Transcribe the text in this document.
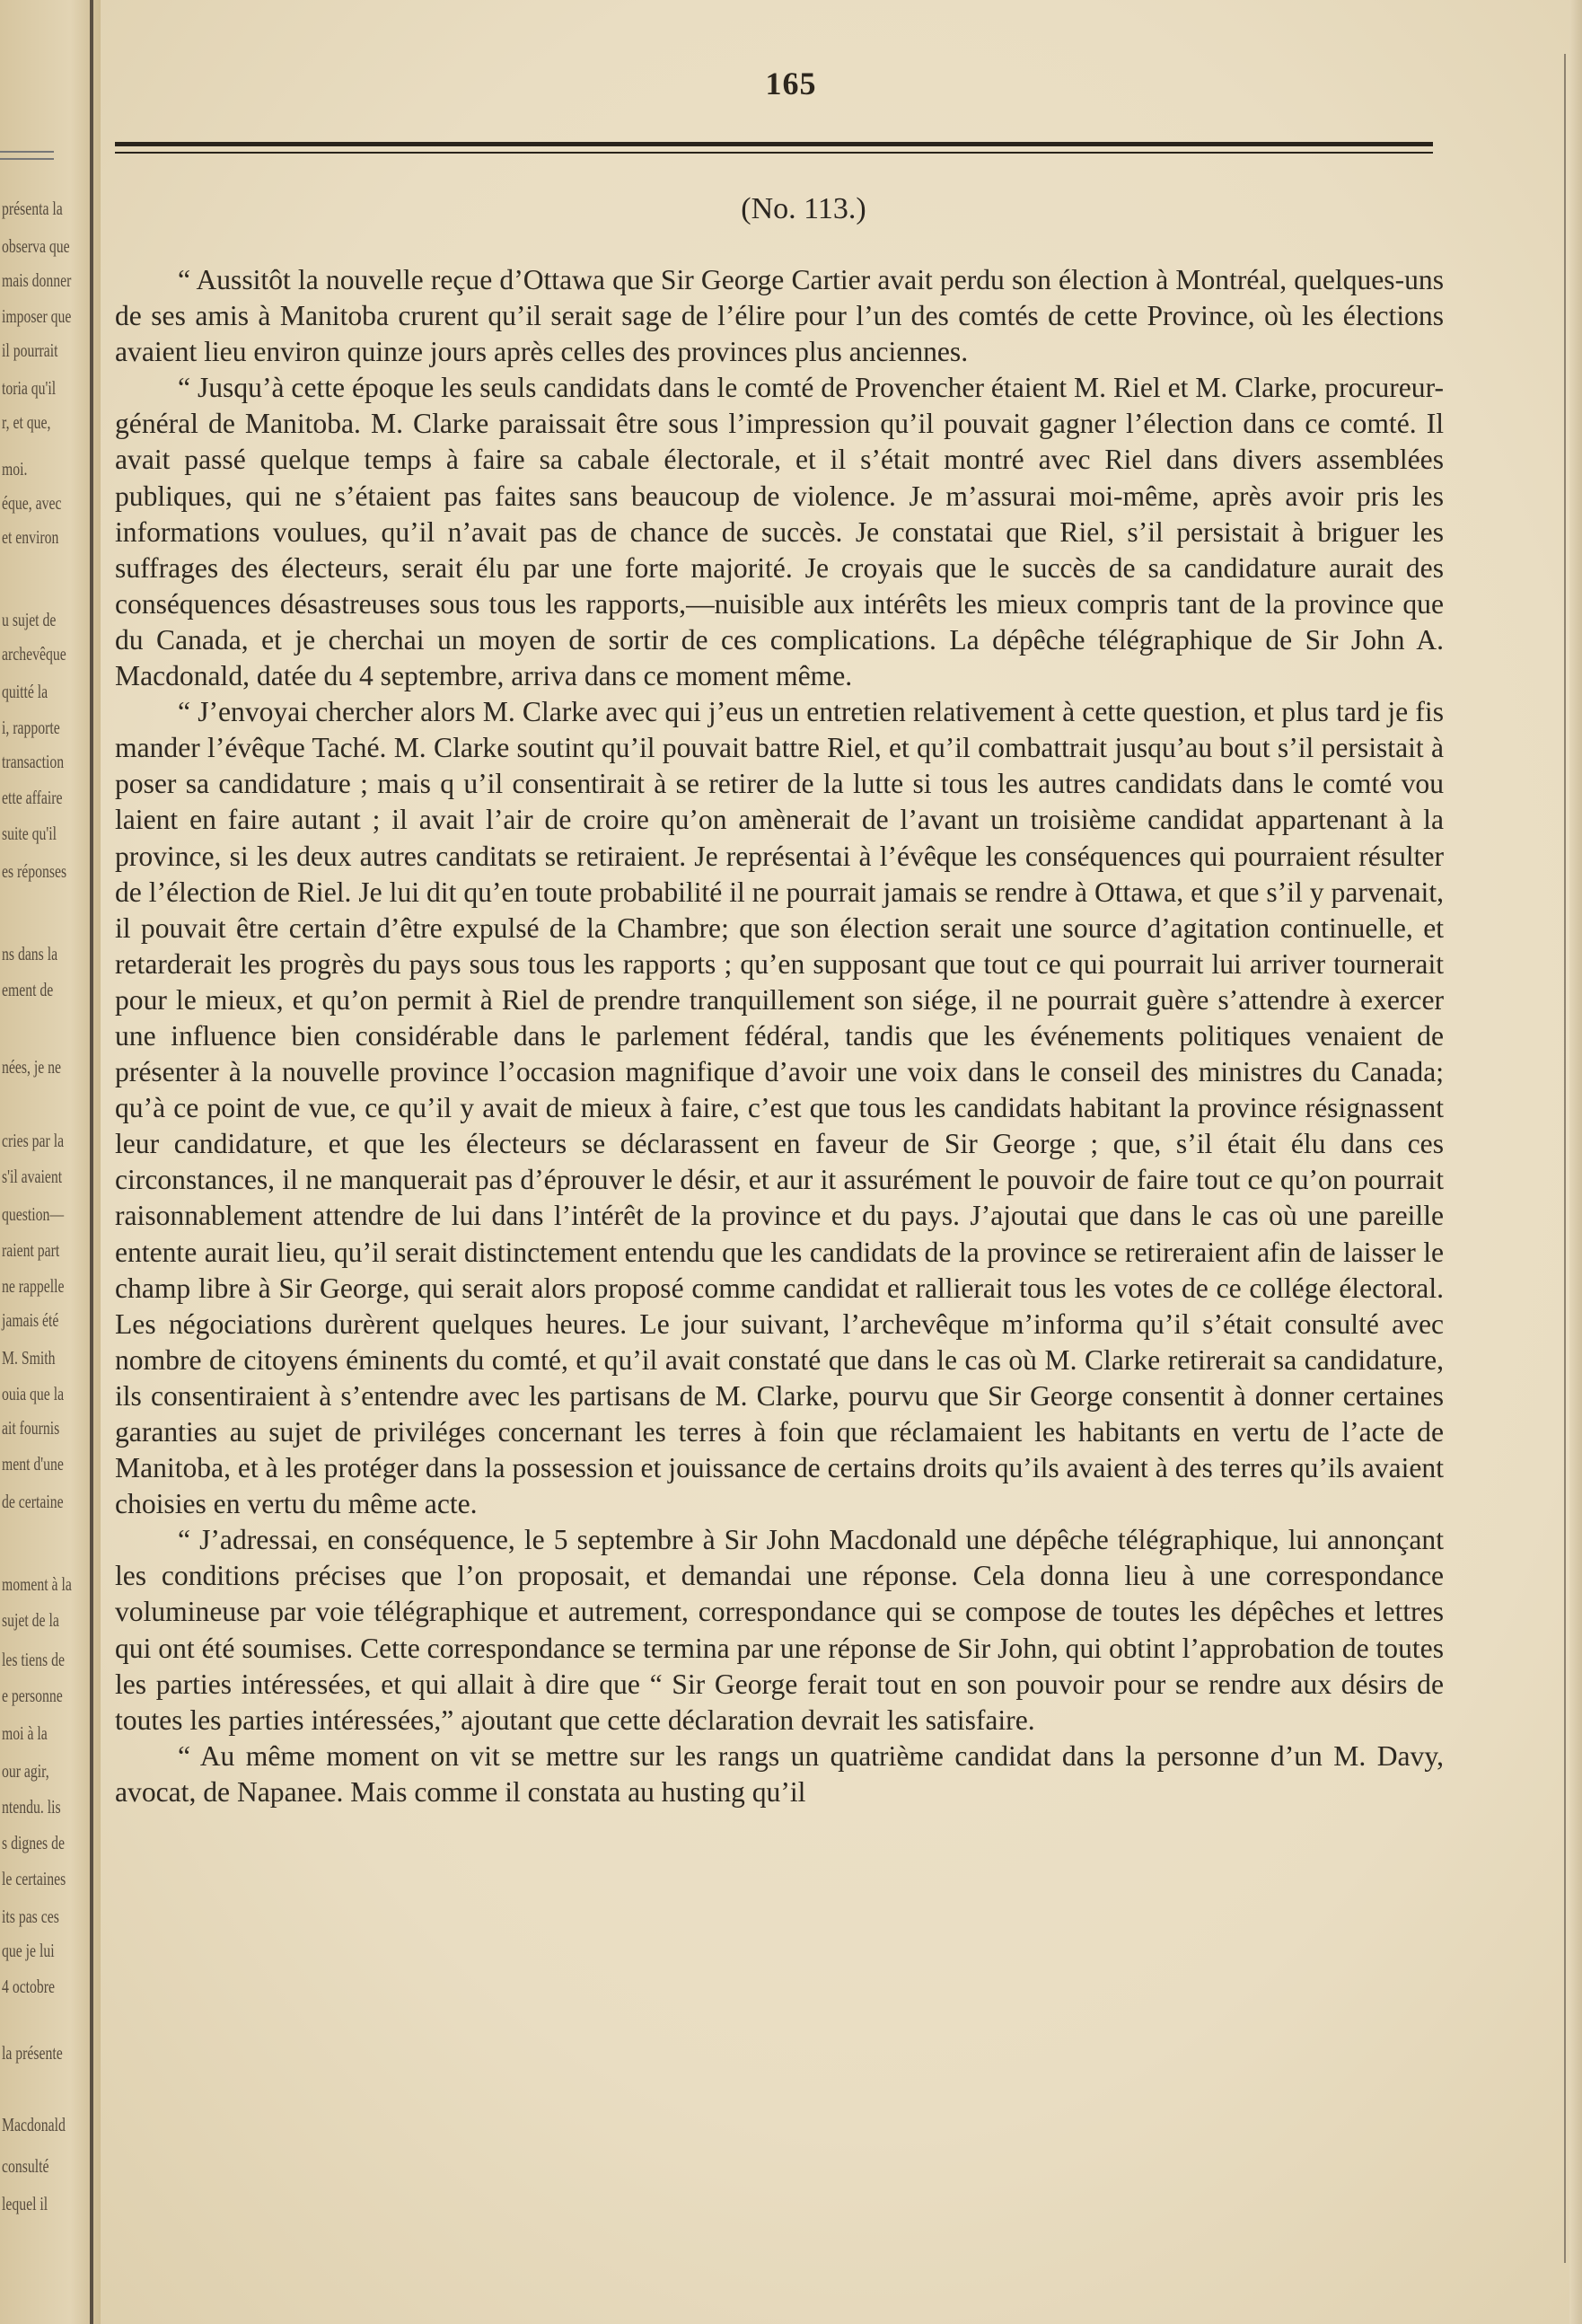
présenta la
observa que
mais donner
imposer que
il pourrait
toria qu'il
r, et que,
moi.
éque, avec
et environ
u sujet de
archevêque
quitté la
i, rapporte
transaction
ette affaire
suite qu'il
es réponses
ns dans la
ement de
nées, je ne
cries par la
s'il avaient
question—
raient part
ne rappelle
jamais été
M. Smith
ouia que la
ait fournis
ment d'une
de certaine
moment à la
sujet de la
les tiens de
e personne
moi à la
our agir,
ntendu. lis
s dignes de
le certaines
its pas ces
que je lui
4 octobre
la présente
Macdonald
consulté
lequel il
165
(No. 113.)

“ Aussitôt la nouvelle reçue d’Ottawa que Sir George Cartier avait perdu son élection à Montréal, quelques-uns de ses amis à Manitoba crurent qu’il serait sage de l’élire pour l’un des comtés de cette Province, où les élections avaient lieu environ quinze jours après celles des provinces plus anciennes.

“ Jusqu’à cette époque les seuls candidats dans le comté de Provencher étaient M. Riel et M. Clarke, procureur-général de Manitoba. M. Clarke paraissait être sous l’impression qu’il pouvait gagner l’élection dans ce comté. Il avait passé quelque temps à faire sa cabale électorale, et il s’était montré avec Riel dans divers assemblées publiques, qui ne s’étaient pas faites sans beaucoup de violence. Je m’assurai moi-même, après avoir pris les informations voulues, qu’il n’avait pas de chance de succès. Je constatai que Riel, s’il persistait à briguer les suffrages des électeurs, serait élu par une forte majorité. Je croyais que le succès de sa candidature aurait des conséquences désastreuses sous tous les rapports,—nuisible aux intérêts les mieux compris tant de la province que du Canada, et je cherchai un moyen de sortir de ces complications. La dépêche télégraphique de Sir John A. Macdonald, datée du 4 septembre, arriva dans ce moment même.

“ J’envoyai chercher alors M. Clarke avec qui j’eus un entretien relativement à cette question, et plus tard je fis mander l’évêque Taché. M. Clarke soutint qu’il pouvait battre Riel, et qu’il combattrait jusqu’au bout s’il persistait à poser sa candidature ; mais q u’il consentirait à se retirer de la lutte si tous les autres candidats dans le comté vou laient en faire autant ; il avait l’air de croire qu’on amènerait de l’avant un troisième candidat appartenant à la province, si les deux autres canditats se retiraient. Je représentai à l’évêque les conséquences qui pourraient résulter de l’élection de Riel. Je lui dit qu’en toute probabilité il ne pourrait jamais se rendre à Ottawa, et que s’il y parvenait, il pouvait être certain d’être expulsé de la Chambre; que son élection serait une source d’agitation continuelle, et retarderait les progrès du pays sous tous les rapports ; qu’en supposant que tout ce qui pourrait lui arriver tournerait pour le mieux, et qu’on permit à Riel de prendre tranquillement son siége, il ne pourrait guère s’attendre à exercer une influence bien considérable dans le parlement fédéral, tandis que les événements politiques venaient de présenter à la nouvelle province l’occasion magnifique d’avoir une voix dans le conseil des ministres du Canada; qu’à ce point de vue, ce qu’il y avait de mieux à faire, c’est que tous les candidats habitant la province résignassent leur candidature, et que les électeurs se déclarassent en faveur de Sir George ; que, s’il était élu dans ces circonstances, il ne manquerait pas d’éprouver le désir, et aur it assurément le pouvoir de faire tout ce qu’on pourrait raisonnablement attendre de lui dans l’intérêt de la province et du pays. J’ajoutai que dans le cas où une pareille entente aurait lieu, qu’il serait distinctement entendu que les candidats de la province se retireraient afin de laisser le champ libre à Sir George, qui serait alors proposé comme candidat et rallierait tous les votes de ce collége électoral. Les négociations durèrent quelques heures. Le jour suivant, l’archevêque m’informa qu’il s’était consulté avec nombre de citoyens éminents du comté, et qu’il avait constaté que dans le cas où M. Clarke retirerait sa candidature, ils consentiraient à s’entendre avec les partisans de M. Clarke, pourvu que Sir George consentit à donner certaines garanties au sujet de priviléges concernant les terres à foin que réclamaient les habitants en vertu de l’acte de Manitoba, et à les protéger dans la possession et jouissance de certains droits qu’ils avaient à des terres qu’ils avaient choisies en vertu du même acte.

“ J’adressai, en conséquence, le 5 septembre à Sir John Macdonald une dépêche télégraphique, lui annonçant les conditions précises que l’on proposait, et demandai une réponse. Cela donna lieu à une correspondance volumineuse par voie télégraphique et autrement, correspondance qui se compose de toutes les dépêches et lettres qui ont été soumises. Cette correspondance se termina par une réponse de Sir John, qui obtint l’approbation de toutes les parties intéressées, et qui allait à dire que “ Sir George ferait tout en son pouvoir pour se rendre aux désirs de toutes les parties intéressées,” ajoutant que cette déclaration devrait les satisfaire.

“ Au même moment on vit se mettre sur les rangs un quatrième candidat dans la personne d’un M. Davy, avocat, de Napanee. Mais comme il constata au husting qu’il
